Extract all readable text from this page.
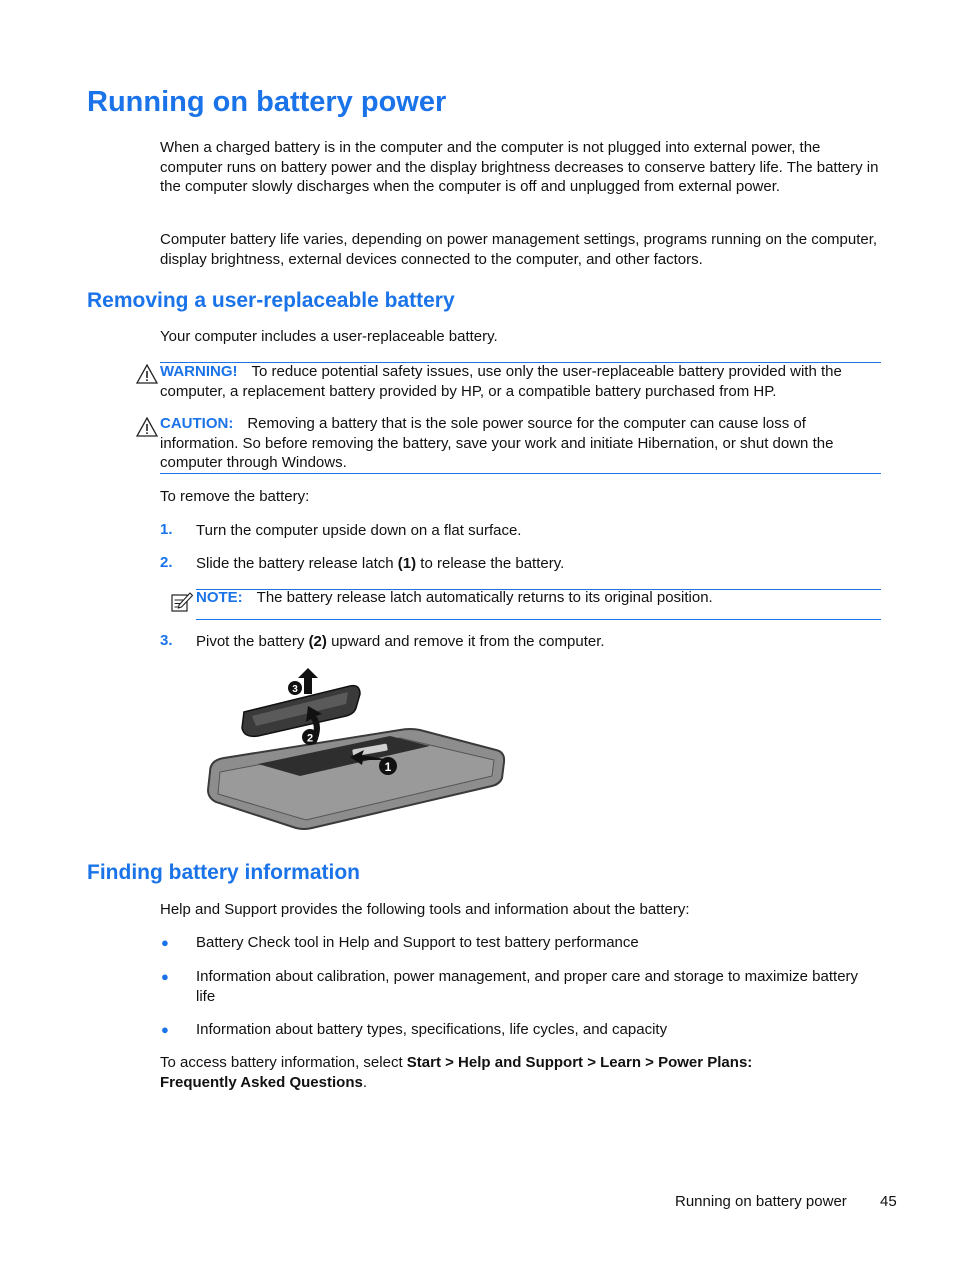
Running on battery power

When a charged battery is in the computer and the computer is not plugged into external power, the computer runs on battery power and the display brightness decreases to conserve battery life. The battery in the computer slowly discharges when the computer is off and unplugged from external power.

Computer battery life varies, depending on power management settings, programs running on the computer, display brightness, external devices connected to the computer, and other factors.

Removing a user-replaceable battery

Your computer includes a user-replaceable battery.

WARNING! To reduce potential safety issues, use only the user-replaceable battery provided with the computer, a replacement battery provided by HP, or a compatible battery purchased from HP.

CAUTION: Removing a battery that is the sole power source for the computer can cause loss of information. So before removing the battery, save your work and initiate Hibernation, or shut down the computer through Windows.

To remove the battery:

1. Turn the computer upside down on a flat surface.
2. Slide the battery release latch (1) to release the battery.

NOTE: The battery release latch automatically returns to its original position.

3. Pivot the battery (2) upward and remove it from the computer.
1
2
3
Finding battery information

Help and Support provides the following tools and information about the battery:

● Battery Check tool in Help and Support to test battery performance
● Information about calibration, power management, and proper care and storage to maximize battery life
● Information about battery types, specifications, life cycles, and capacity

To access battery information, select Start > Help and Support > Learn > Power Plans: Frequently Asked Questions.

Running on battery power 45
